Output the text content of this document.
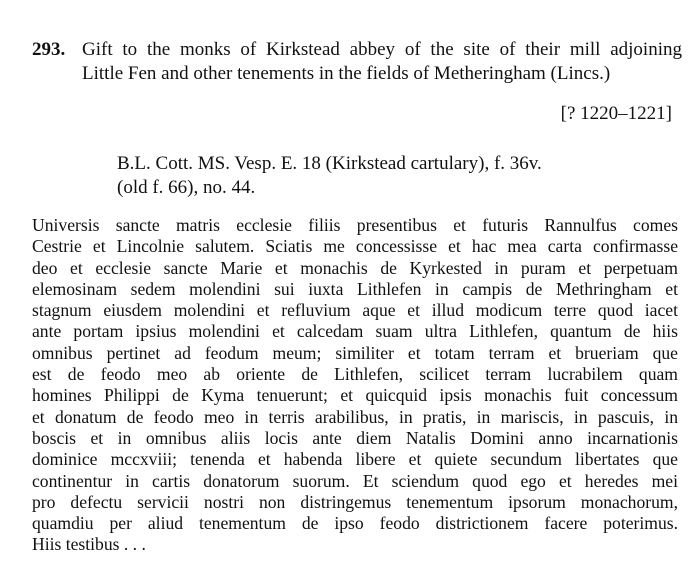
293. Gift to the monks of Kirkstead abbey of the site of their mill adjoining
Little Fen and other tenements in the fields of Metheringham (Lincs.)
[? 1220–1221]
B.L. Cott. MS. Vesp. E. 18 (Kirkstead cartulary), f. 36v.
(old f. 66), no. 44.
Universis sancte matris ecclesie filiis presentibus et futuris Rannulfus comes
Cestrie et Lincolnie salutem. Sciatis me concessisse et hac mea carta confirmasse
deo et ecclesie sancte Marie et monachis de Kyrkested in puram et perpetuam
elemosinam sedem molendini sui iuxta Lithlefen in campis de Methringham et
stagnum eiusdem molendini et refluvium aque et illud modicum terre quod iacet
ante portam ipsius molendini et calcedam suam ultra Lithlefen, quantum de hiis
omnibus pertinet ad feodum meum; similiter et totam terram et brueriam que
est de feodo meo ab oriente de Lithlefen, scilicet terram lucrabilem quam
homines Philippi de Kyma tenuerunt; et quicquid ipsis monachis fuit concessum
et donatum de feodo meo in terris arabilibus, in pratis, in mariscis, in pascuis, in
boscis et in omnibus aliis locis ante diem Natalis Domini anno incarnationis
dominice mccxviii; tenenda et habenda libere et quiete secundum libertates que
continentur in cartis donatorum suorum. Et sciendum quod ego et heredes mei
pro defectu servicii nostri non distringemus tenementum ipsorum monachorum,
quamdiu per aliud tenementum de ipso feodo districtionem facere poterimus.
Hiis testibus . . .
